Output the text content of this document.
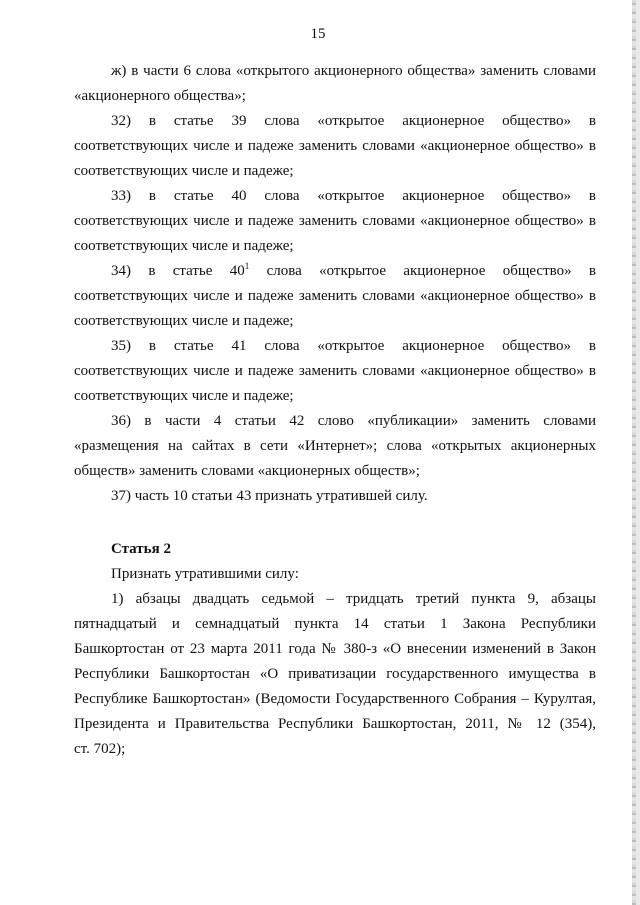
15
ж) в части 6 слова «открытого акционерного общества» заменить словами
«акционерного общества»;
32) в статье 39 слова «открытое акционерное общество» в
соответствующих числе и падеже заменить словами «акционерное общество» в
соответствующих числе и падеже;
33) в статье 40 слова «открытое акционерное общество» в
соответствующих числе и падеже заменить словами «акционерное общество» в
соответствующих числе и падеже;
34) в статье $40^1$ слова «открытое акционерное общество» в
соответствующих числе и падеже заменить словами «акционерное общество» в
соответствующих числе и падеже;
35) в статье 41 слова «открытое акционерное общество» в
соответствующих числе и падеже заменить словами «акционерное общество» в
соответствующих числе и падеже;
36) в части 4 статьи 42 слово «публикации» заменить словами
«размещения на сайтах в сети «Интернет»; слова «открытых акционерных
обществ» заменить словами «акционерных обществ»;
37) часть 10 статьи 43 признать утратившей силу.
Статья 2
Признать утратившими силу:
1) абзацы двадцать седьмой – тридцать третий пункта 9, абзацы
пятнадцатый и семнадцатый пункта 14 статьи 1 Закона Республики
Башкортостан от 23 марта 2011 года № 380-з «О внесении изменений в Закон
Республики Башкортостан «О приватизации государственного имущества в
Республике Башкортостан» (Ведомости Государственного Собрания – Курултая,
Президента и Правительства Республики Башкортостан, 2011, № 12 (354),
ст. 702);
